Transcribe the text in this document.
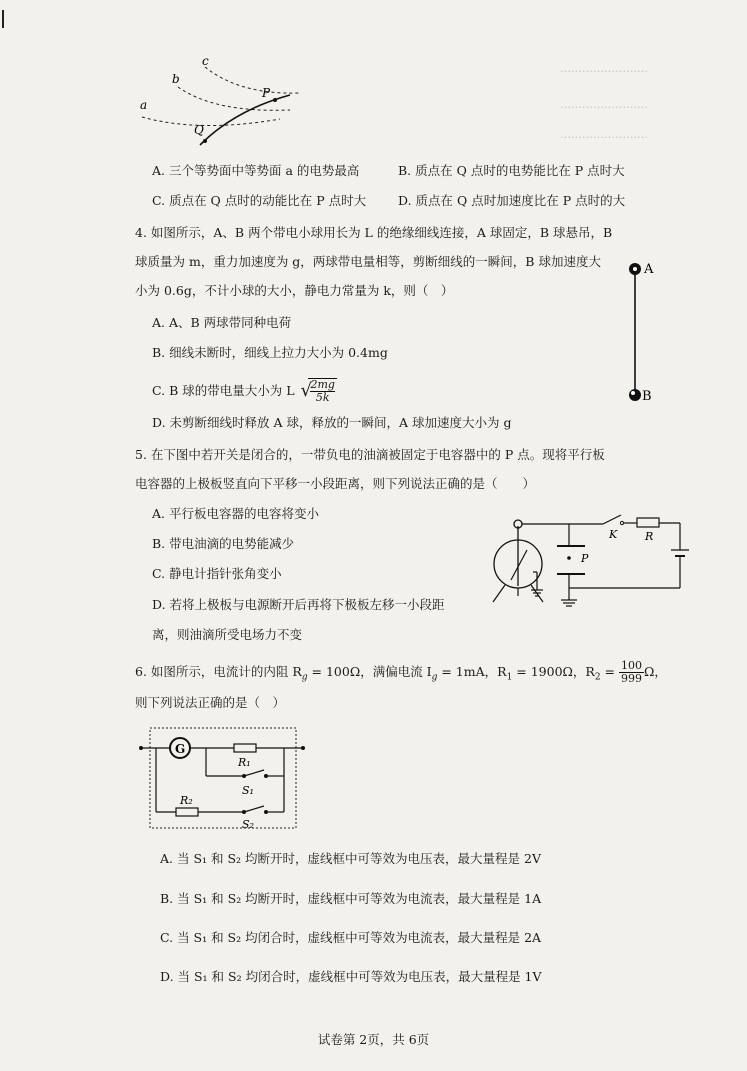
……………………
……………………
……………………
a
b
c
P
Q
A. 三个等势面中等势面 a 的电势最高	B. 质点在 Q 点时的电势能比在 P 点时大
C. 质点在 Q 点时的动能比在 P 点时大	D. 质点在 Q 点时加速度比在 P 点时的大
4. 如图所示，A、B 两个带电小球用长为 L 的绝缘细线连接，A 球固定，B 球悬吊，B
球质量为 m，重力加速度为 g，两球带电量相等，剪断细线的一瞬间，B 球加速度大
小为 0.6g，不计小球的大小，静电力常量为 k，则（　）
A. A、B 两球带同种电荷
B. 细线未断时，细线上拉力大小为 0.4mg
C. B 球的带电量大小为 L $\frac{2mg}{5k}$
√
D. 未剪断细线时释放 A 球，释放的一瞬间，A 球加速度大小为 g
A
B
5. 在下图中若开关是闭合的，一带负电的油滴被固定于电容器中的 P 点。现将平行板
电容器的上极板竖直向下平移一小段距离，则下列说法正确的是（　　）
A. 平行板电容器的电容将变小
B. 带电油滴的电势能减少
C. 静电计指针张角变小
D. 若将上极板与电源断开后再将下极板左移一小段距
离，则油滴所受电场力不变
P
K	R
6. 如图所示，电流计的内阻 $R_g = 100\Omega$，满偏电流 $I_g = 1mA$，$R_1 = 1900\Omega$，$R_2 = \frac{100}{999}$ Ω，
则下列说法正确的是（　）
G
R₁
S₁
R₂
S₂
A. 当 S₁ 和 S₂ 均断开时，虚线框中可等效为电压表，最大量程是 2V
B. 当 S₁ 和 S₂ 均断开时，虚线框中可等效为电流表，最大量程是 1A
C. 当 S₁ 和 S₂ 均闭合时，虚线框中可等效为电流表，最大量程是 2A
D. 当 S₁ 和 S₂ 均闭合时，虚线框中可等效为电压表，最大量程是 1V
试卷第 2页，共 6页
